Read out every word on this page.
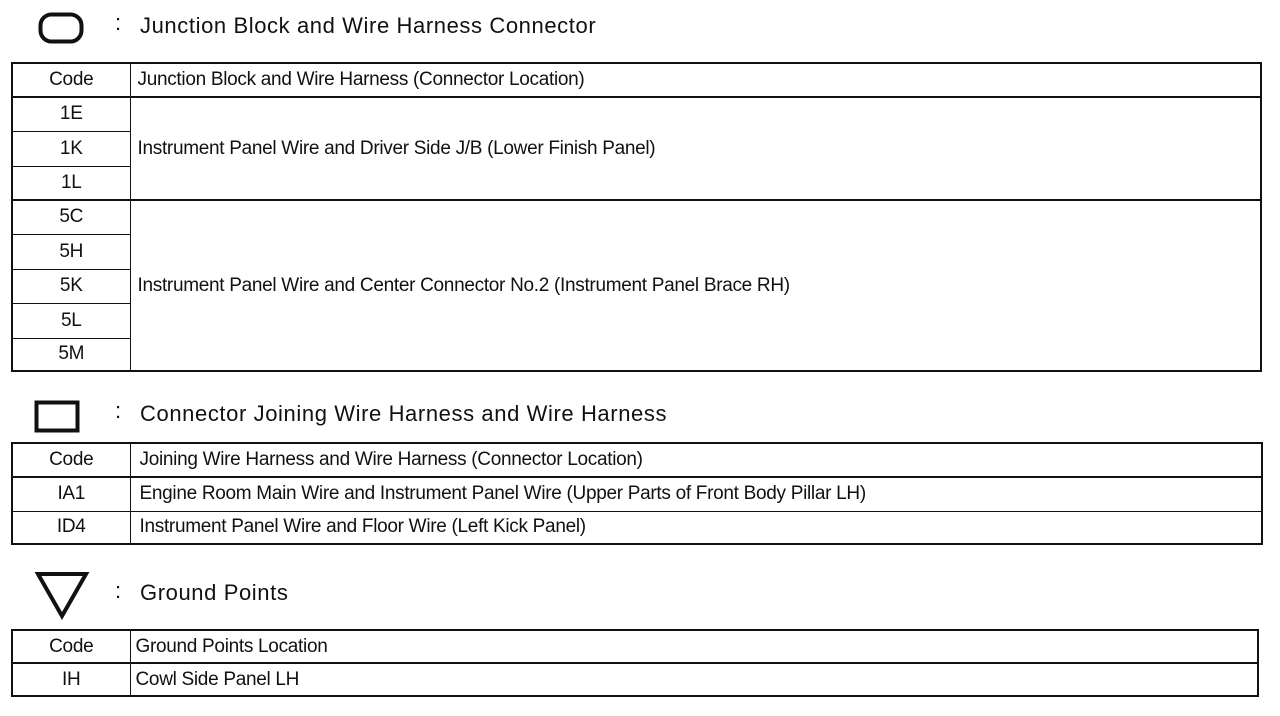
: Junction Block and Wire Harness Connector
Code	Junction Block and Wire Harness (Connector Location)
1E	Instrument Panel Wire and Driver Side J/B (Lower Finish Panel)
1K	
1L	
5C	Instrument Panel Wire and Center Connector No.2 (Instrument Panel Brace RH)
5H	
5K	
5L	
5M	
: Connector Joining Wire Harness and Wire Harness
Code	Joining Wire Harness and Wire Harness (Connector Location)
IA1	Engine Room Main Wire and Instrument Panel Wire (Upper Parts of Front Body Pillar LH)
ID4	Instrument Panel Wire and Floor Wire (Left Kick Panel)
: Ground Points
Code	Ground Points Location
IH	Cowl Side Panel LH
